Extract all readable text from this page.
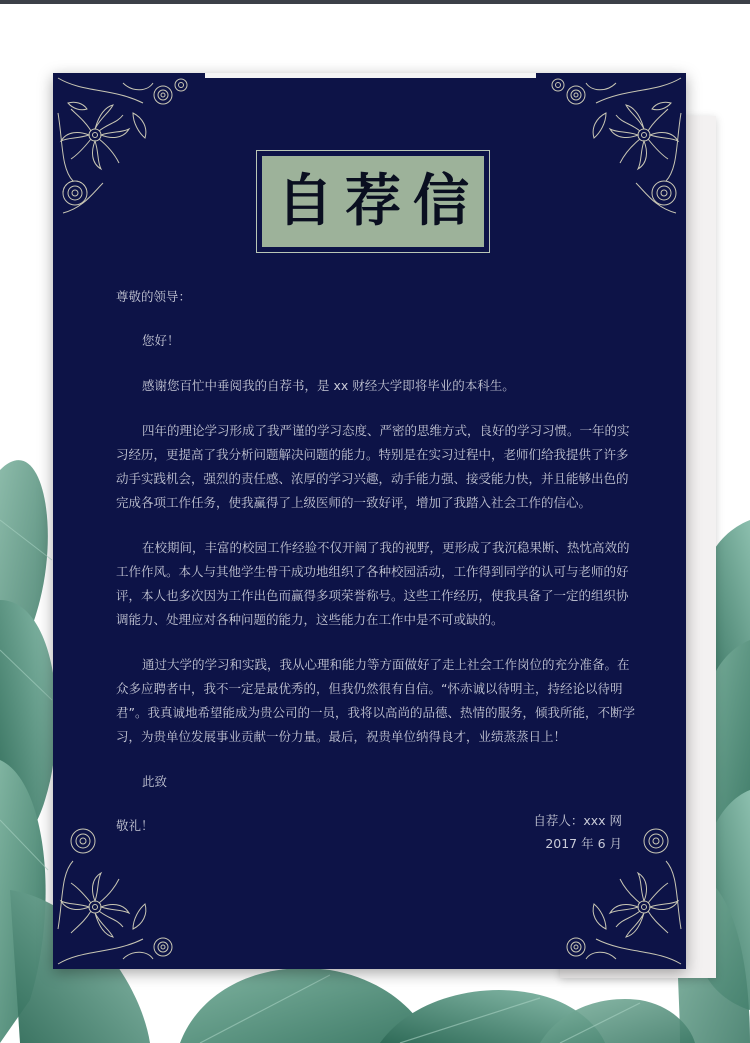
自荐信

尊敬的领导：

您好！

感谢您百忙中垂阅我的自荐书，是 xx 财经大学即将毕业的本科生。

四年的理论学习形成了我严谨的学习态度、严密的思维方式，良好的学习习惯。一年的实习经历，更提高了我分析问题解决问题的能力。特别是在实习过程中，老师们给我提供了许多动手实践机会，强烈的责任感、浓厚的学习兴趣，动手能力强、接受能力快，并且能够出色的完成各项工作任务，使我赢得了上级医师的一致好评，增加了我踏入社会工作的信心。

在校期间，丰富的校园工作经验不仅开阔了我的视野，更形成了我沉稳果断、热忱高效的工作作风。本人与其他学生骨干成功地组织了各种校园活动，工作得到同学的认可与老师的好评，本人也多次因为工作出色而赢得多项荣誉称号。这些工作经历，使我具备了一定的组织协调能力、处理应对各种问题的能力，这些能力在工作中是不可或缺的。

通过大学的学习和实践，我从心理和能力等方面做好了走上社会工作岗位的充分准备。在众多应聘者中，我不一定是最优秀的，但我仍然很有自信。“怀赤诚以待明主，持经论以待明君”。我真诚地希望能成为贵公司的一员，我将以高尚的品德、热情的服务，倾我所能，不断学习，为贵单位发展事业贡献一份力量。最后，祝贵单位纳得良才，业绩蒸蒸日上！

此致

敬礼！	自荐人：xxx 网
2017 年 6 月
